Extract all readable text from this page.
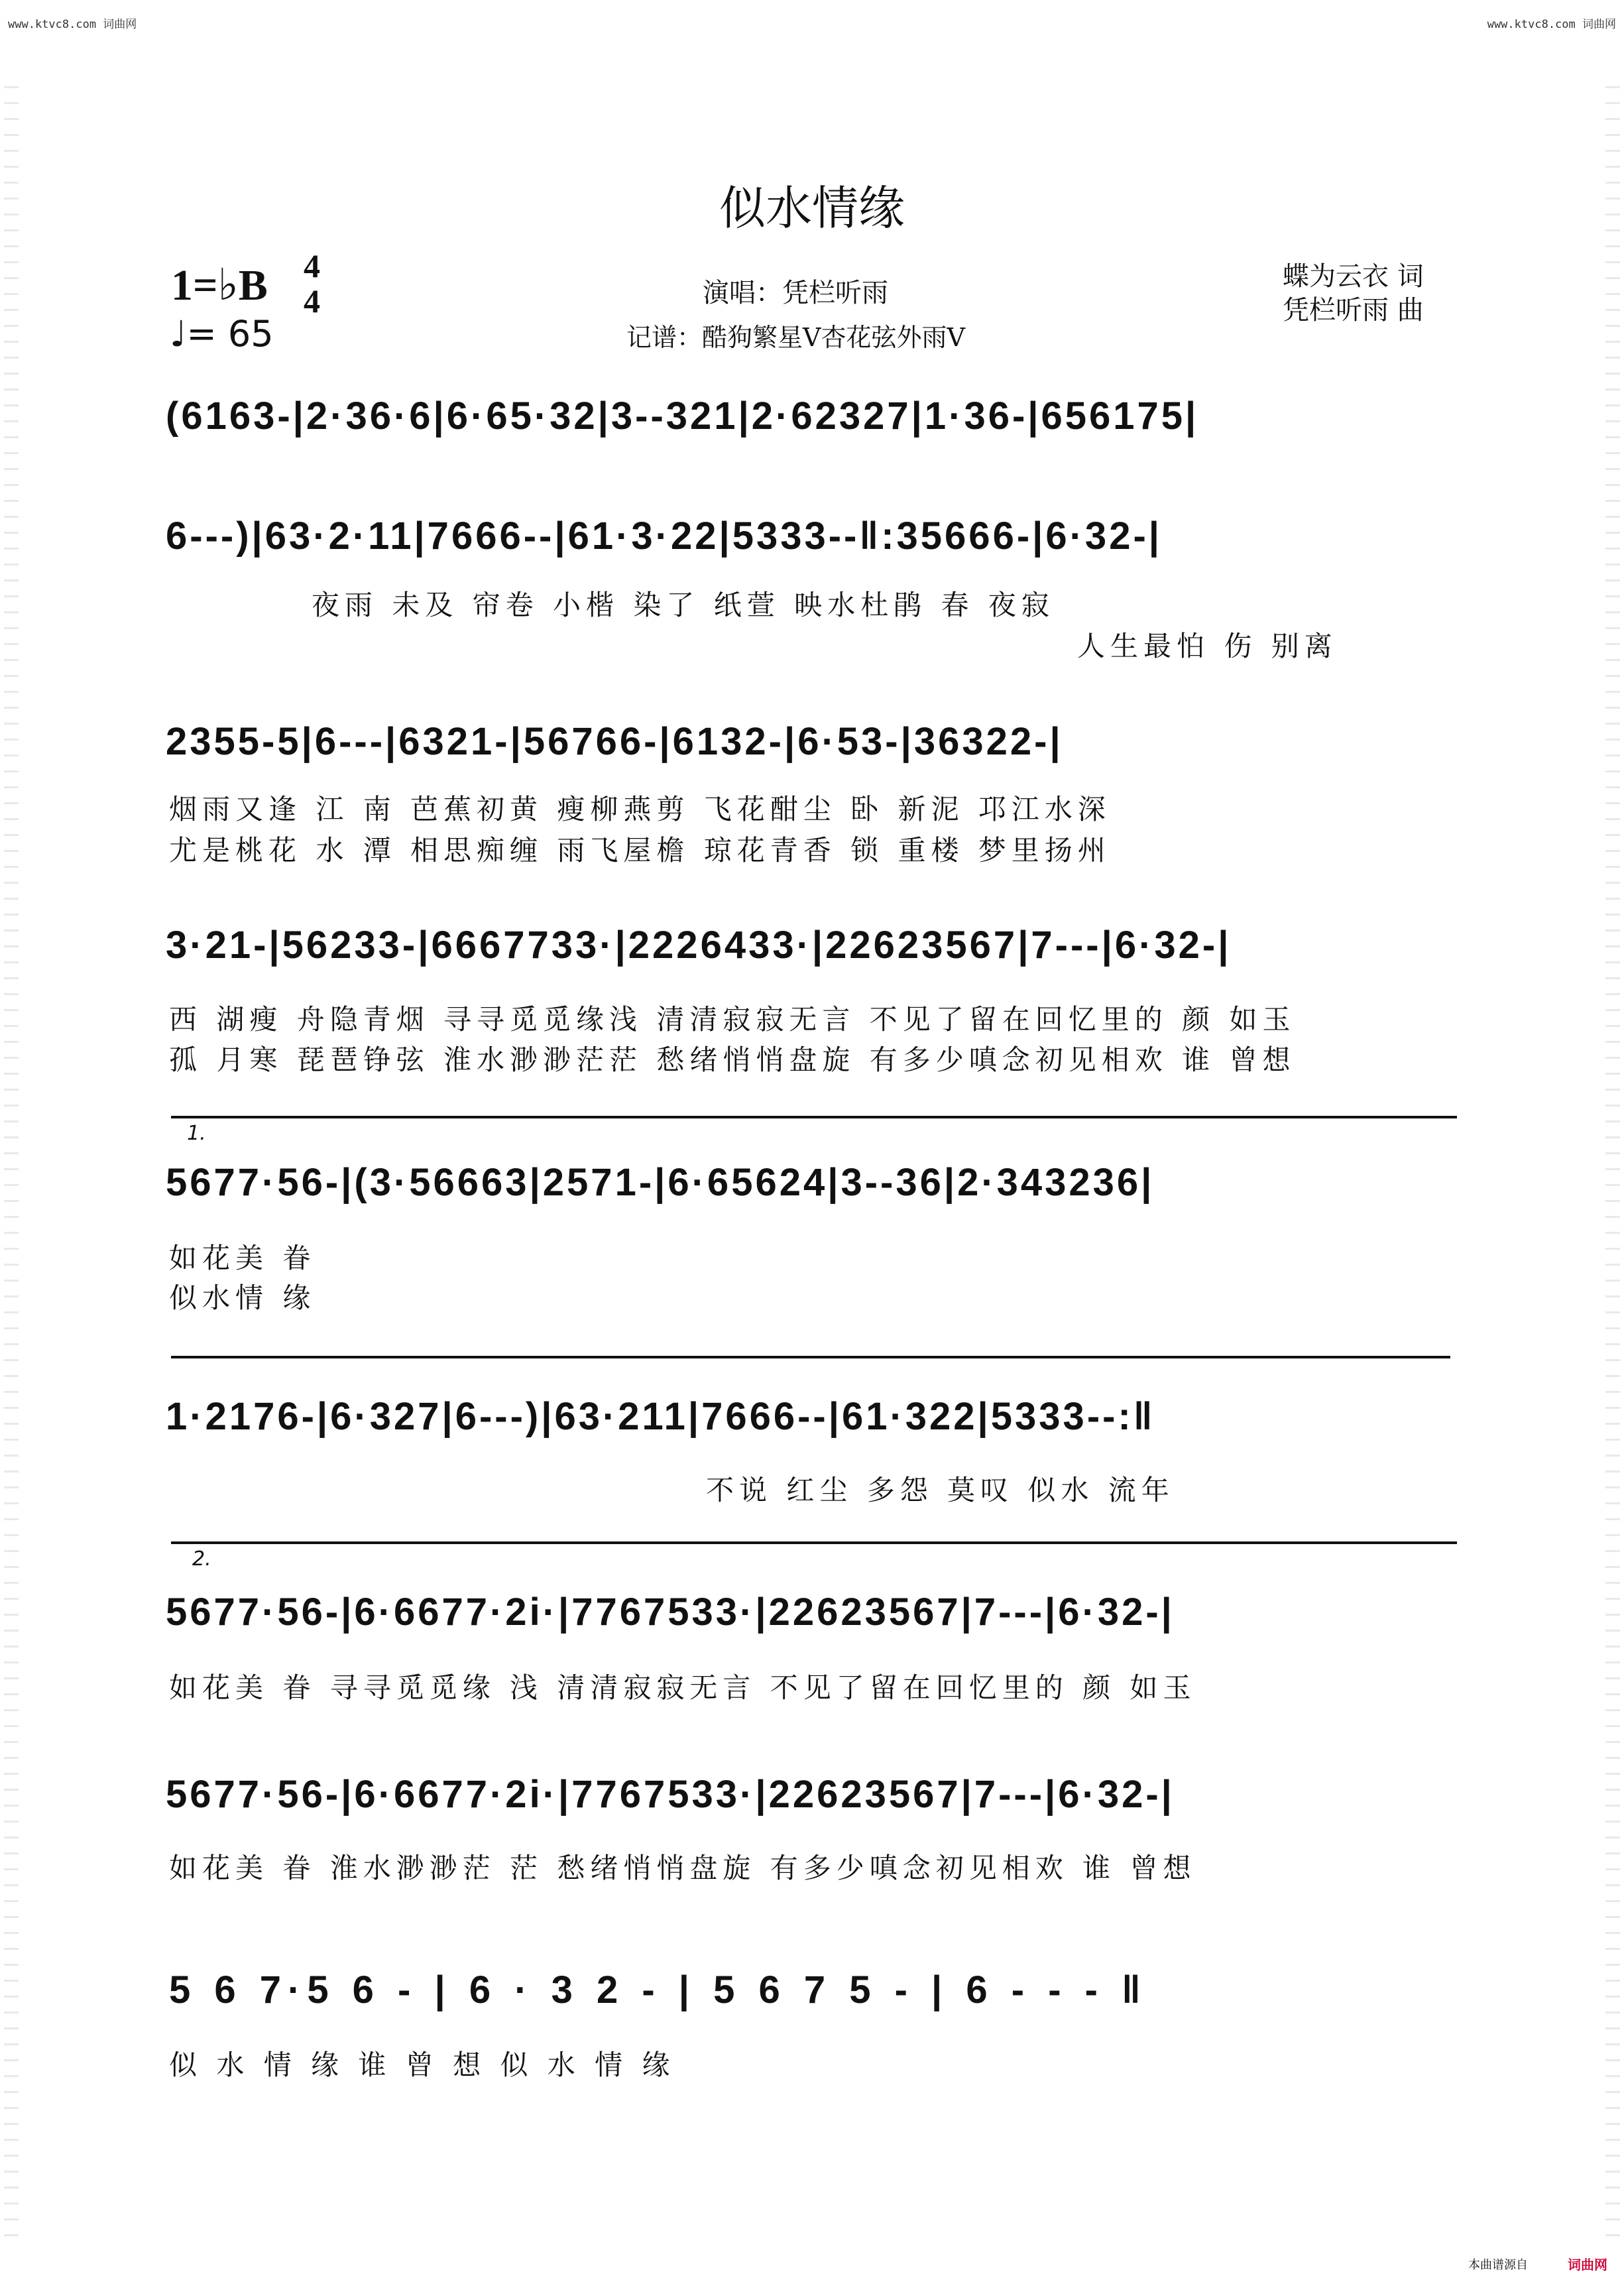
www.ktvc8.com 词曲网	www.ktvc8.com 词曲网
似水情缘
1=♭B 4
4
♩= 65
演唱：凭栏听雨
记谱：酷狗繁星V杏花弦外雨V
蝶为云衣 词
凭栏听雨 曲
(6163-|2·36·6|6·65·32|3--321|2·62327|1·36-|656175|
6---)|63·2·11|7666--|61·3·22|5333--‖:35666-|6·32-|
夜雨 未及 帘卷 小楷 染了 纸萱 映水杜鹃 春 夜寂
人生最怕 伤 别离
2355-5|6---|6321-|56766-|6132-|6·53-|36322-|
烟雨又逢 江 南 芭蕉初黄 瘦柳燕剪 飞花酣尘 卧 新泥 邛江水深
尤是桃花 水 潭 相思痴缠 雨飞屋檐 琼花青香 锁 重楼 梦里扬州
3·21-|56233-|6667733·|2226433·|22623567|7---|6·32-|
西 湖瘦 舟隐青烟 寻寻觅觅缘浅 清清寂寂无言 不见了留在回忆里的 颜 如玉
孤 月寒 琵琶铮弦 淮水渺渺茫茫 愁绪悄悄盘旋 有多少嗔念初见相欢 谁 曾想
1.
5677·56-|(3·56663|2571-|6·65624|3--36|2·343236|
如花美 眷
似水情 缘
1·2176-|6·327|6---)|63·211|7666--|61·322|5333--:‖
不说 红尘 多怨 莫叹 似水 流年
2.
5677·56-|6·6677·2i·|7767533·|22623567|7---|6·32-|
如花美 眷 寻寻觅觅缘 浅 清清寂寂无言 不见了留在回忆里的 颜 如玉
5677·56-|6·6677·2i·|7767533·|22623567|7---|6·32-|
如花美 眷 淮水渺渺茫 茫 愁绪悄悄盘旋 有多少嗔念初见相欢 谁 曾想
5 6 7·5 6 - | 6 · 3 2 - | 5 6 7 5 - | 6 - - - ‖
似 水 情 缘 谁 曾 想 似 水 情 缘
本曲谱源自	词曲网
